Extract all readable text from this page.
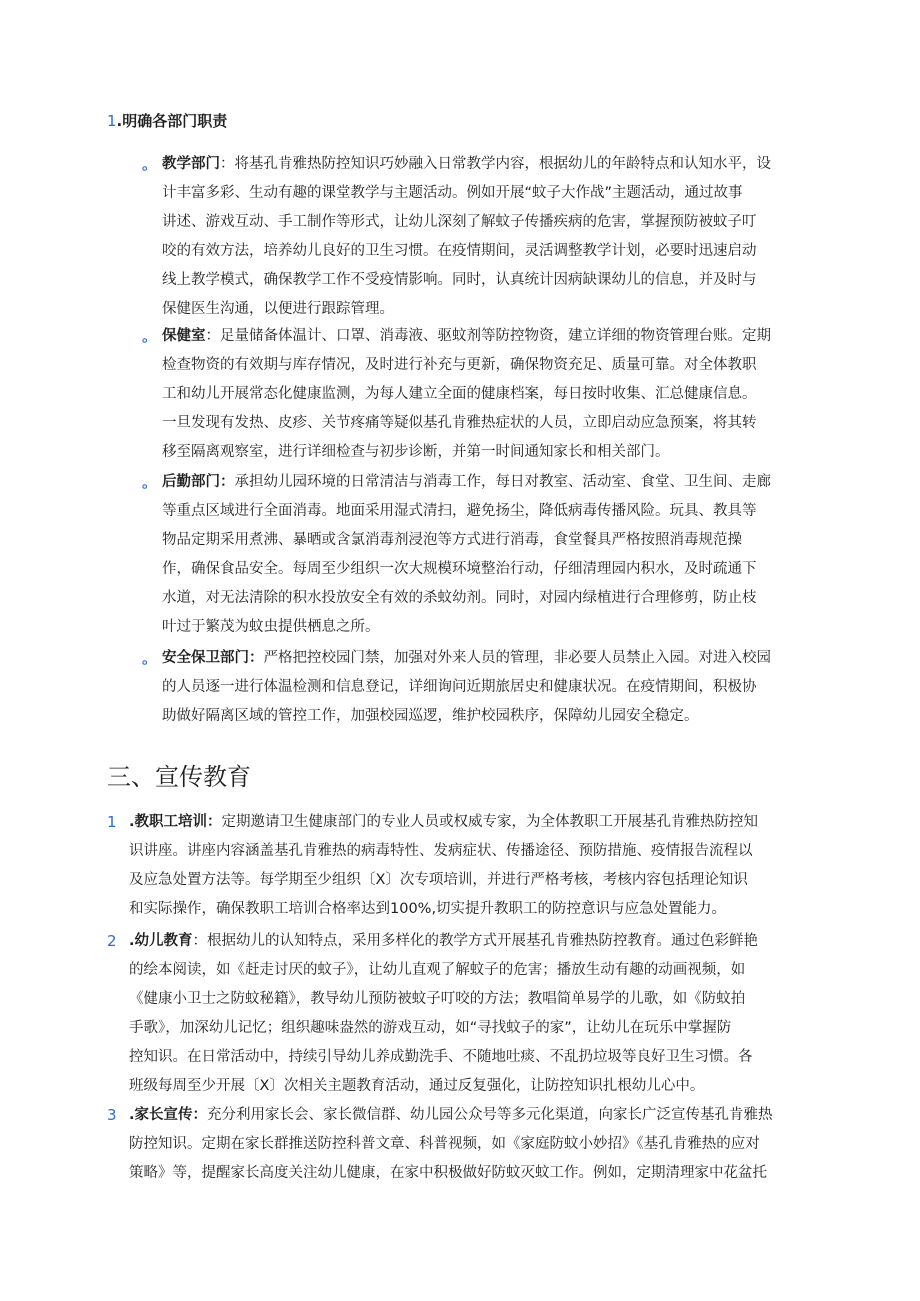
1.明确各部门职责
。 教学部门：将基孔肯雅热防控知识巧妙融入日常教学内容，根据幼儿的年龄特点和认知水平，设
计丰富多彩、生动有趣的课堂教学与主题活动。例如开展“蚊子大作战”主题活动，通过故事
讲述、游戏互动、手工制作等形式，让幼儿深刻了解蚊子传播疾病的危害，掌握预防被蚊子叮
咬的有效方法，培养幼儿良好的卫生习惯。在疫情期间，灵活调整教学计划，必要时迅速启动
线上教学模式，确保教学工作不受疫情影响。同时，认真统计因病缺课幼儿的信息，并及时与
保健医生沟通，以便进行跟踪管理。
。 保健室：足量储备体温计、口罩、消毒液、驱蚊剂等防控物资，建立详细的物资管理台账。定期
检查物资的有效期与库存情况，及时进行补充与更新，确保物资充足、质量可靠。对全体教职
工和幼儿开展常态化健康监测，为每人建立全面的健康档案，每日按时收集、汇总健康信息。
一旦发现有发热、皮疹、关节疼痛等疑似基孔肯雅热症状的人员，立即启动应急预案，将其转
移至隔离观察室，进行详细检查与初步诊断，并第一时间通知家长和相关部门。
。 后勤部门：承担幼儿园环境的日常清洁与消毒工作，每日对教室、活动室、食堂、卫生间、走廊
等重点区域进行全面消毒。地面采用湿式清扫，避免扬尘，降低病毒传播风险。玩具、教具等
物品定期采用煮沸、暴晒或含氯消毒剂浸泡等方式进行消毒，食堂餐具严格按照消毒规范操
作，确保食品安全。每周至少组织一次大规模环境整治行动，仔细清理园内积水，及时疏通下
水道，对无法清除的积水投放安全有效的杀蚊幼剂。同时，对园内绿植进行合理修剪，防止枝
叶过于繁茂为蚊虫提供栖息之所。
。 安全保卫部门：严格把控校园门禁，加强对外来人员的管理，非必要人员禁止入园。对进入校园
的人员逐一进行体温检测和信息登记，详细询问近期旅居史和健康状况。在疫情期间，积极协
助做好隔离区域的管控工作，加强校园巡逻，维护校园秩序，保障幼儿园安全稳定。
三、宣传教育
1 .教职工培训：定期邀请卫生健康部门的专业人员或权威专家，为全体教职工开展基孔肯雅热防控知
识讲座。讲座内容涵盖基孔肯雅热的病毒特性、发病症状、传播途径、预防措施、疫情报告流程以
及应急处置方法等。每学期至少组织〔X〕次专项培训，并进行严格考核，考核内容包括理论知识
和实际操作，确保教职工培训合格率达到100%,切实提升教职工的防控意识与应急处置能力。
2 .幼儿教育：根据幼儿的认知特点，采用多样化的教学方式开展基孔肯雅热防控教育。通过色彩鲜艳
的绘本阅读，如《赶走讨厌的蚊子》，让幼儿直观了解蚊子的危害；播放生动有趣的动画视频，如
《健康小卫士之防蚊秘籍》，教导幼儿预防被蚊子叮咬的方法；教唱简单易学的儿歌，如《防蚊拍
手歌》，加深幼儿记忆；组织趣味盎然的游戏互动，如“寻找蚊子的家”，让幼儿在玩乐中掌握防
控知识。在日常活动中，持续引导幼儿养成勤洗手、不随地吐痰、不乱扔垃圾等良好卫生习惯。各
班级每周至少开展〔X〕次相关主题教育活动，通过反复强化，让防控知识扎根幼儿心中。
3 .家长宣传：充分利用家长会、家长微信群、幼儿园公众号等多元化渠道，向家长广泛宣传基孔肯雅热
防控知识。定期在家长群推送防控科普文章、科普视频，如《家庭防蚊小妙招》《基孔肯雅热的应对
策略》等，提醒家长高度关注幼儿健康，在家中积极做好防蚊灭蚊工作。例如，定期清理家中花盆托
